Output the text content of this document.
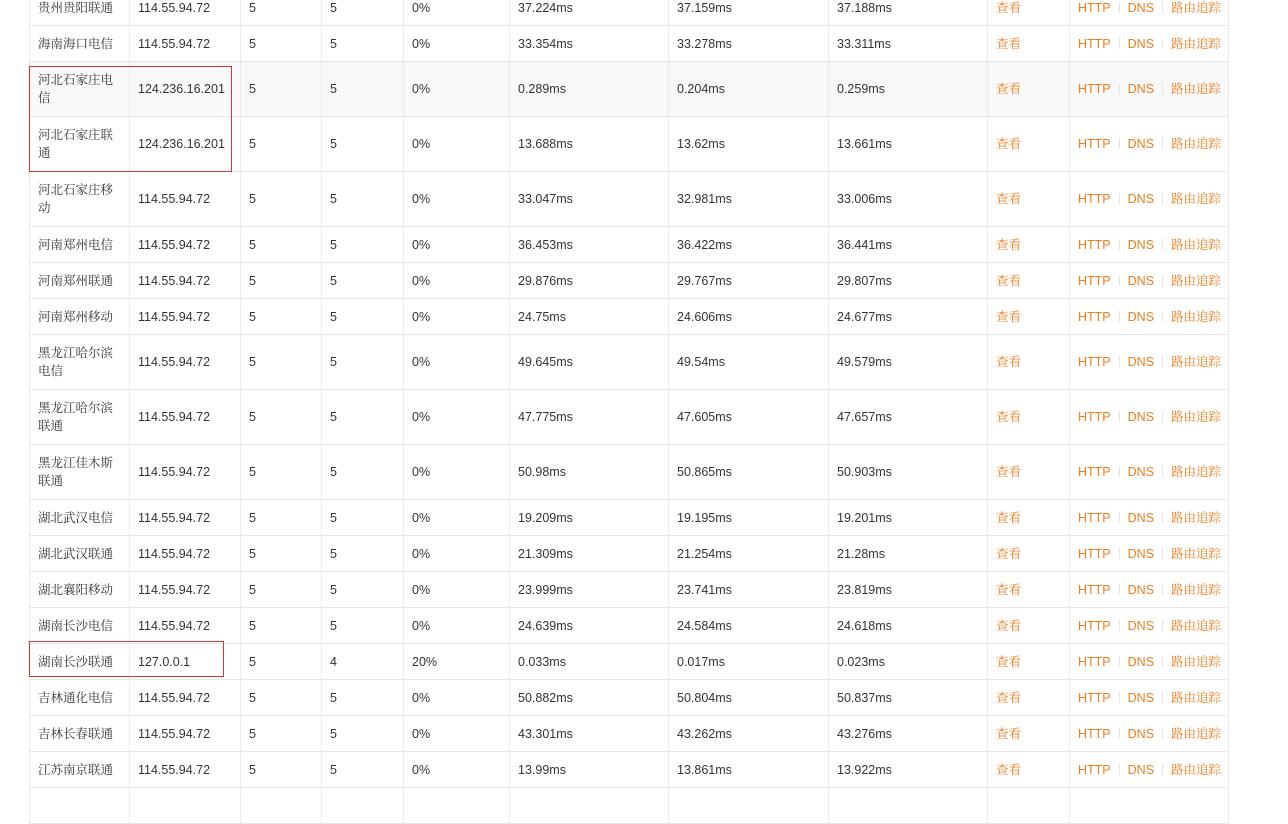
贵州贵阳联通	114.55.94.72	5	5	0%	37.224ms	37.159ms	37.188ms	查看	HTTP DNS 路由追踪
海南海口电信	114.55.94.72	5	5	0%	33.354ms	33.278ms	33.311ms	查看	HTTP DNS 路由追踪
河北石家庄电信	124.236.16.201	5	5	0%	0.289ms	0.204ms	0.259ms	查看	HTTP DNS 路由追踪
河北石家庄联通	124.236.16.201	5	5	0%	13.688ms	13.62ms	13.661ms	查看	HTTP DNS 路由追踪
河北石家庄移动	114.55.94.72	5	5	0%	33.047ms	32.981ms	33.006ms	查看	HTTP DNS 路由追踪
河南郑州电信	114.55.94.72	5	5	0%	36.453ms	36.422ms	36.441ms	查看	HTTP DNS 路由追踪
河南郑州联通	114.55.94.72	5	5	0%	29.876ms	29.767ms	29.807ms	查看	HTTP DNS 路由追踪
河南郑州移动	114.55.94.72	5	5	0%	24.75ms	24.606ms	24.677ms	查看	HTTP DNS 路由追踪
黑龙江哈尔滨电信	114.55.94.72	5	5	0%	49.645ms	49.54ms	49.579ms	查看	HTTP DNS 路由追踪
黑龙江哈尔滨联通	114.55.94.72	5	5	0%	47.775ms	47.605ms	47.657ms	查看	HTTP DNS 路由追踪
黑龙江佳木斯联通	114.55.94.72	5	5	0%	50.98ms	50.865ms	50.903ms	查看	HTTP DNS 路由追踪
湖北武汉电信	114.55.94.72	5	5	0%	19.209ms	19.195ms	19.201ms	查看	HTTP DNS 路由追踪
湖北武汉联通	114.55.94.72	5	5	0%	21.309ms	21.254ms	21.28ms	查看	HTTP DNS 路由追踪
湖北襄阳移动	114.55.94.72	5	5	0%	23.999ms	23.741ms	23.819ms	查看	HTTP DNS 路由追踪
湖南长沙电信	114.55.94.72	5	5	0%	24.639ms	24.584ms	24.618ms	查看	HTTP DNS 路由追踪
湖南长沙联通	127.0.0.1	5	4	20%	0.033ms	0.017ms	0.023ms	查看	HTTP DNS 路由追踪
吉林通化电信	114.55.94.72	5	5	0%	50.882ms	50.804ms	50.837ms	查看	HTTP DNS 路由追踪
吉林长春联通	114.55.94.72	5	5	0%	43.301ms	43.262ms	43.276ms	查看	HTTP DNS 路由追踪
江苏南京联通	114.55.94.72	5	5	0%	13.99ms	13.861ms	13.922ms	查看	HTTP DNS 路由追踪
